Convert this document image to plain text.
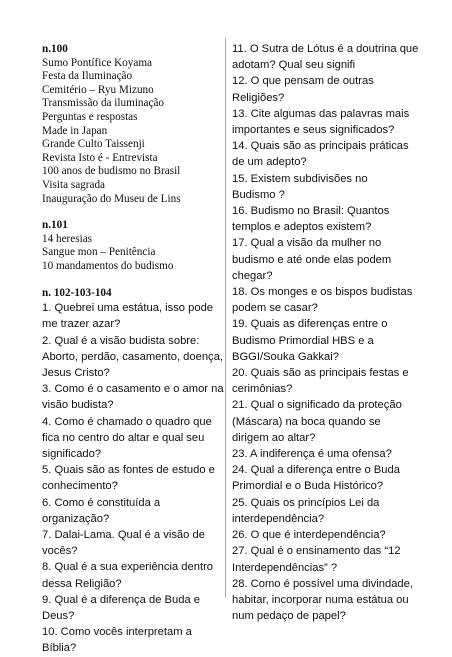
n.100
Sumo Pontífice Koyama
Festa da Iluminação
Cemitério – Ryu Mizuno
Transmissão da iluminação
Perguntas e respostas
Made in Japan
Grande Culto Taissenji
Revista Isto é - Entrevista
100 anos de budismo no Brasil
Visita sagrada
Inauguração do Museu de Lins
n.101
14 heresias
Sangue mon – Penitência
10 mandamentos do budismo
n. 102-103-104
1. Quebrei uma estátua, isso pode
me trazer azar?
2. Qual é a visão budista sobre:
Aborto, perdão, casamento, doença,
Jesus Cristo?
3. Como é o casamento e o amor na
visão budista?
4. Como é chamado o quadro que
fica no centro do altar e qual seu
significado?
5. Quais são as fontes de estudo e
conhecimento?
6. Como é constituída a
organização?
7. Dalai-Lama. Qual é a visão de
vocês?
8. Qual é a sua experiência dentro
dessa Religião?
9. Qual é a diferença de Buda e
Deus?
10. Como vocês interpretam a
Bíblia?
11. O Sutra de Lótus é a doutrina que
adotam? Qual seu signifi
12. O que pensam de outras
Religiões?
13. Cite algumas das palavras mais
importantes e seus significados?
14. Quais são as principais práticas
de um adepto?
15. Existem subdivisões no
Budismo ?
16. Budismo no Brasil: Quantos
templos e adeptos existem?
17. Qual a visão da mulher no
budismo e até onde elas podem
chegar?
18. Os monges e os bispos budistas
podem se casar?
19. Quais as diferenças entre o
Budismo Primordial HBS e a
BGGI/Souka Gakkai?
20. Quais são as principais festas e
cerimônias?
21. Qual o significado da proteção
(Máscara) na boca quando se
dirigem ao altar?
23. A indiferença é uma ofensa?
24. Qual a diferença entre o Buda
Primordial e o Buda Histórico?
25. Quais os princípios Lei da
interdependência?
26. O que é interdependência?
27. Qual é o ensinamento das “12
Interdependências” ?
28. Como é possível uma divindade,
habitar, incorporar numa estátua ou
num pedaço de papel?
